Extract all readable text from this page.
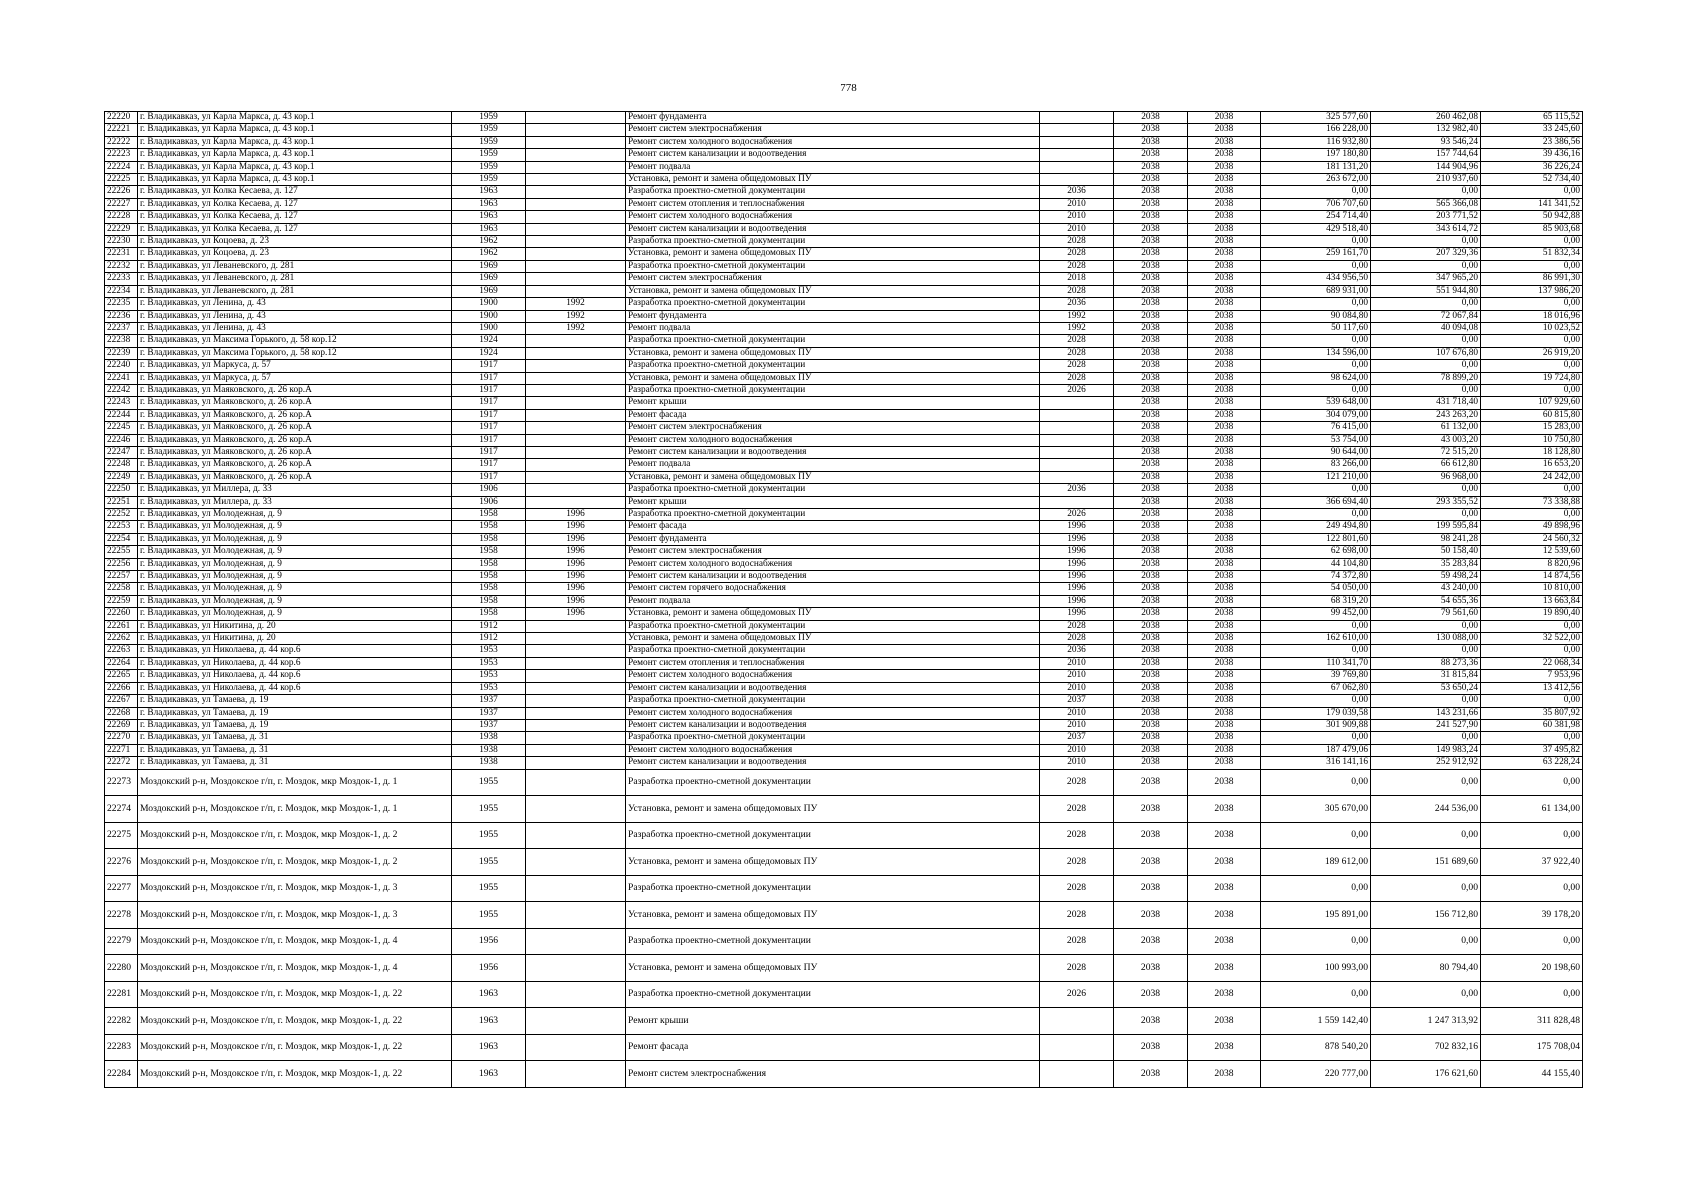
778
22220	г. Владикавказ, ул Карла Маркса, д. 43 кор.1	1959		Ремонт фундамента		2038	2038	325 577,60	260 462,08	65 115,52
22221	г. Владикавказ, ул Карла Маркса, д. 43 кор.1	1959		Ремонт систем электроснабжения		2038	2038	166 228,00	132 982,40	33 245,60
22222	г. Владикавказ, ул Карла Маркса, д. 43 кор.1	1959		Ремонт систем холодного водоснабжения		2038	2038	116 932,80	93 546,24	23 386,56
22223	г. Владикавказ, ул Карла Маркса, д. 43 кор.1	1959		Ремонт систем канализации и водоотведения		2038	2038	197 180,80	157 744,64	39 436,16
22224	г. Владикавказ, ул Карла Маркса, д. 43 кор.1	1959		Ремонт подвала		2038	2038	181 131,20	144 904,96	36 226,24
22225	г. Владикавказ, ул Карла Маркса, д. 43 кор.1	1959		Установка, ремонт и замена общедомовых ПУ		2038	2038	263 672,00	210 937,60	52 734,40
22226	г. Владикавказ, ул Колка Кесаева, д. 127	1963		Разработка проектно-сметной документации	2036	2038	2038	0,00	0,00	0,00
22227	г. Владикавказ, ул Колка Кесаева, д. 127	1963		Ремонт систем отопления и теплоснабжения	2010	2038	2038	706 707,60	565 366,08	141 341,52
22228	г. Владикавказ, ул Колка Кесаева, д. 127	1963		Ремонт систем холодного водоснабжения	2010	2038	2038	254 714,40	203 771,52	50 942,88
22229	г. Владикавказ, ул Колка Кесаева, д. 127	1963		Ремонт систем канализации и водоотведения	2010	2038	2038	429 518,40	343 614,72	85 903,68
22230	г. Владикавказ, ул Коцоева, д. 23	1962		Разработка проектно-сметной документации	2028	2038	2038	0,00	0,00	0,00
22231	г. Владикавказ, ул Коцоева, д. 23	1962		Установка, ремонт и замена общедомовых ПУ	2028	2038	2038	259 161,70	207 329,36	51 832,34
22232	г. Владикавказ, ул Леваневского, д. 281	1969		Разработка проектно-сметной документации	2028	2038	2038	0,00	0,00	0,00
22233	г. Владикавказ, ул Леваневского, д. 281	1969		Ремонт систем электроснабжения	2018	2038	2038	434 956,50	347 965,20	86 991,30
22234	г. Владикавказ, ул Леваневского, д. 281	1969		Установка, ремонт и замена общедомовых ПУ	2028	2038	2038	689 931,00	551 944,80	137 986,20
22235	г. Владикавказ, ул Ленина, д. 43	1900	1992	Разработка проектно-сметной документации	2036	2038	2038	0,00	0,00	0,00
22236	г. Владикавказ, ул Ленина, д. 43	1900	1992	Ремонт фундамента	1992	2038	2038	90 084,80	72 067,84	18 016,96
22237	г. Владикавказ, ул Ленина, д. 43	1900	1992	Ремонт подвала	1992	2038	2038	50 117,60	40 094,08	10 023,52
22238	г. Владикавказ, ул Максима Горького, д. 58 кор.12	1924		Разработка проектно-сметной документации	2028	2038	2038	0,00	0,00	0,00
22239	г. Владикавказ, ул Максима Горького, д. 58 кор.12	1924		Установка, ремонт и замена общедомовых ПУ	2028	2038	2038	134 596,00	107 676,80	26 919,20
22240	г. Владикавказ, ул Маркуса, д. 57	1917		Разработка проектно-сметной документации	2028	2038	2038	0,00	0,00	0,00
22241	г. Владикавказ, ул Маркуса, д. 57	1917		Установка, ремонт и замена общедомовых ПУ	2028	2038	2038	98 624,00	78 899,20	19 724,80
22242	г. Владикавказ, ул Маяковского, д. 26 кор.А	1917		Разработка проектно-сметной документации	2026	2038	2038	0,00	0,00	0,00
22243	г. Владикавказ, ул Маяковского, д. 26 кор.А	1917		Ремонт крыши		2038	2038	539 648,00	431 718,40	107 929,60
22244	г. Владикавказ, ул Маяковского, д. 26 кор.А	1917		Ремонт фасада		2038	2038	304 079,00	243 263,20	60 815,80
22245	г. Владикавказ, ул Маяковского, д. 26 кор.А	1917		Ремонт систем электроснабжения		2038	2038	76 415,00	61 132,00	15 283,00
22246	г. Владикавказ, ул Маяковского, д. 26 кор.А	1917		Ремонт систем холодного водоснабжения		2038	2038	53 754,00	43 003,20	10 750,80
22247	г. Владикавказ, ул Маяковского, д. 26 кор.А	1917		Ремонт систем канализации и водоотведения		2038	2038	90 644,00	72 515,20	18 128,80
22248	г. Владикавказ, ул Маяковского, д. 26 кор.А	1917		Ремонт подвала		2038	2038	83 266,00	66 612,80	16 653,20
22249	г. Владикавказ, ул Маяковского, д. 26 кор.А	1917		Установка, ремонт и замена общедомовых ПУ		2038	2038	121 210,00	96 968,00	24 242,00
22250	г. Владикавказ, ул Миллера, д. 33	1906		Разработка проектно-сметной документации	2036	2038	2038	0,00	0,00	0,00
22251	г. Владикавказ, ул Миллера, д. 33	1906		Ремонт крыши		2038	2038	366 694,40	293 355,52	73 338,88
22252	г. Владикавказ, ул Молодежная, д. 9	1958	1996	Разработка проектно-сметной документации	2026	2038	2038	0,00	0,00	0,00
22253	г. Владикавказ, ул Молодежная, д. 9	1958	1996	Ремонт фасада	1996	2038	2038	249 494,80	199 595,84	49 898,96
22254	г. Владикавказ, ул Молодежная, д. 9	1958	1996	Ремонт фундамента	1996	2038	2038	122 801,60	98 241,28	24 560,32
22255	г. Владикавказ, ул Молодежная, д. 9	1958	1996	Ремонт систем электроснабжения	1996	2038	2038	62 698,00	50 158,40	12 539,60
22256	г. Владикавказ, ул Молодежная, д. 9	1958	1996	Ремонт систем холодного водоснабжения	1996	2038	2038	44 104,80	35 283,84	8 820,96
22257	г. Владикавказ, ул Молодежная, д. 9	1958	1996	Ремонт систем канализации и водоотведения	1996	2038	2038	74 372,80	59 498,24	14 874,56
22258	г. Владикавказ, ул Молодежная, д. 9	1958	1996	Ремонт систем горячего водоснабжения	1996	2038	2038	54 050,00	43 240,00	10 810,00
22259	г. Владикавказ, ул Молодежная, д. 9	1958	1996	Ремонт подвала	1996	2038	2038	68 319,20	54 655,36	13 663,84
22260	г. Владикавказ, ул Молодежная, д. 9	1958	1996	Установка, ремонт и замена общедомовых ПУ	1996	2038	2038	99 452,00	79 561,60	19 890,40
22261	г. Владикавказ, ул Никитина, д. 20	1912		Разработка проектно-сметной документации	2028	2038	2038	0,00	0,00	0,00
22262	г. Владикавказ, ул Никитина, д. 20	1912		Установка, ремонт и замена общедомовых ПУ	2028	2038	2038	162 610,00	130 088,00	32 522,00
22263	г. Владикавказ, ул Николаева, д. 44 кор.6	1953		Разработка проектно-сметной документации	2036	2038	2038	0,00	0,00	0,00
22264	г. Владикавказ, ул Николаева, д. 44 кор.6	1953		Ремонт систем отопления и теплоснабжения	2010	2038	2038	110 341,70	88 273,36	22 068,34
22265	г. Владикавказ, ул Николаева, д. 44 кор.6	1953		Ремонт систем холодного водоснабжения	2010	2038	2038	39 769,80	31 815,84	7 953,96
22266	г. Владикавказ, ул Николаева, д. 44 кор.6	1953		Ремонт систем канализации и водоотведения	2010	2038	2038	67 062,80	53 650,24	13 412,56
22267	г. Владикавказ, ул Тамаева, д. 19	1937		Разработка проектно-сметной документации	2037	2038	2038	0,00	0,00	0,00
22268	г. Владикавказ, ул Тамаева, д. 19	1937		Ремонт систем холодного водоснабжения	2010	2038	2038	179 039,58	143 231,66	35 807,92
22269	г. Владикавказ, ул Тамаева, д. 19	1937		Ремонт систем канализации и водоотведения	2010	2038	2038	301 909,88	241 527,90	60 381,98
22270	г. Владикавказ, ул Тамаева, д. 31	1938		Разработка проектно-сметной документации	2037	2038	2038	0,00	0,00	0,00
22271	г. Владикавказ, ул Тамаева, д. 31	1938		Ремонт систем холодного водоснабжения	2010	2038	2038	187 479,06	149 983,24	37 495,82
22272	г. Владикавказ, ул Тамаева, д. 31	1938		Ремонт систем канализации и водоотведения	2010	2038	2038	316 141,16	252 912,92	63 228,24
22273	Моздокский р-н, Моздокское г/п, г. Моздок, мкр Моздок-1, д. 1	1955		Разработка проектно-сметной документации	2028	2038	2038	0,00	0,00	0,00
22274	Моздокский р-н, Моздокское г/п, г. Моздок, мкр Моздок-1, д. 1	1955		Установка, ремонт и замена общедомовых ПУ	2028	2038	2038	305 670,00	244 536,00	61 134,00
22275	Моздокский р-н, Моздокское г/п, г. Моздок, мкр Моздок-1, д. 2	1955		Разработка проектно-сметной документации	2028	2038	2038	0,00	0,00	0,00
22276	Моздокский р-н, Моздокское г/п, г. Моздок, мкр Моздок-1, д. 2	1955		Установка, ремонт и замена общедомовых ПУ	2028	2038	2038	189 612,00	151 689,60	37 922,40
22277	Моздокский р-н, Моздокское г/п, г. Моздок, мкр Моздок-1, д. 3	1955		Разработка проектно-сметной документации	2028	2038	2038	0,00	0,00	0,00
22278	Моздокский р-н, Моздокское г/п, г. Моздок, мкр Моздок-1, д. 3	1955		Установка, ремонт и замена общедомовых ПУ	2028	2038	2038	195 891,00	156 712,80	39 178,20
22279	Моздокский р-н, Моздокское г/п, г. Моздок, мкр Моздок-1, д. 4	1956		Разработка проектно-сметной документации	2028	2038	2038	0,00	0,00	0,00
22280	Моздокский р-н, Моздокское г/п, г. Моздок, мкр Моздок-1, д. 4	1956		Установка, ремонт и замена общедомовых ПУ	2028	2038	2038	100 993,00	80 794,40	20 198,60
22281	Моздокский р-н, Моздокское г/п, г. Моздок, мкр Моздок-1, д. 22	1963		Разработка проектно-сметной документации	2026	2038	2038	0,00	0,00	0,00
22282	Моздокский р-н, Моздокское г/п, г. Моздок, мкр Моздок-1, д. 22	1963		Ремонт крыши		2038	2038	1 559 142,40	1 247 313,92	311 828,48
22283	Моздокский р-н, Моздокское г/п, г. Моздок, мкр Моздок-1, д. 22	1963		Ремонт фасада		2038	2038	878 540,20	702 832,16	175 708,04
22284	Моздокский р-н, Моздокское г/п, г. Моздок, мкр Моздок-1, д. 22	1963		Ремонт систем электроснабжения		2038	2038	220 777,00	176 621,60	44 155,40
